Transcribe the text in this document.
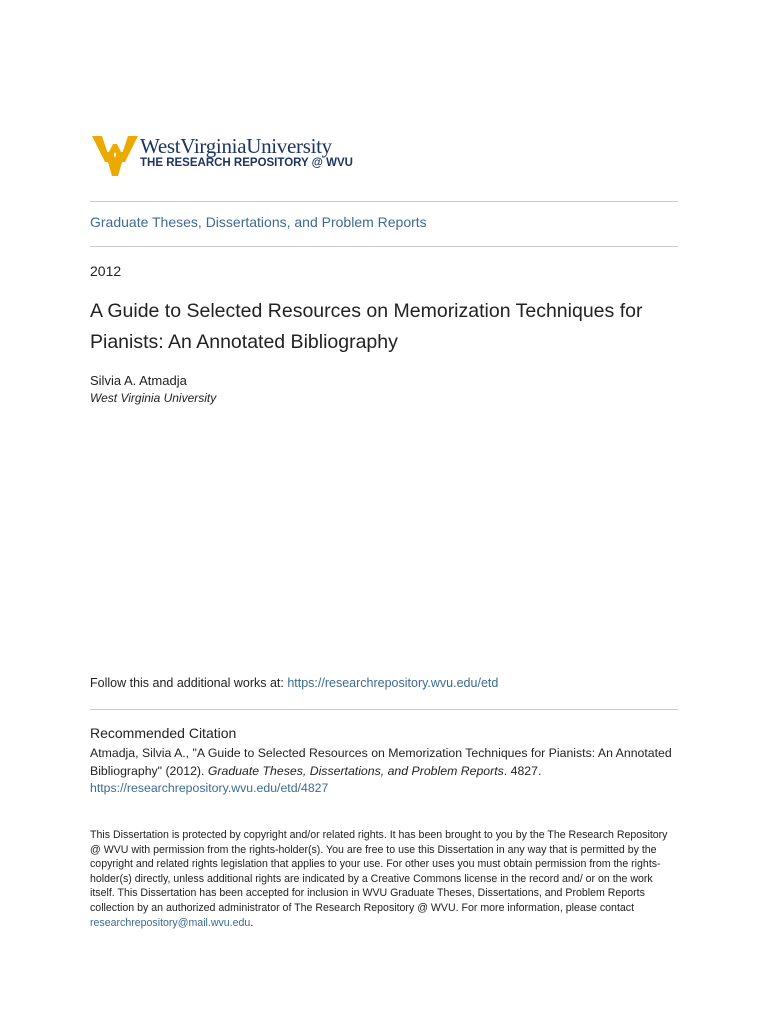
WestVirginiaUniversity
THE RESEARCH REPOSITORY @ WVU
Graduate Theses, Dissertations, and Problem Reports
2012
A Guide to Selected Resources on Memorization Techniques for Pianists: An Annotated Bibliography
Silvia A. Atmadja
West Virginia University
Follow this and additional works at: https://researchrepository.wvu.edu/etd
Recommended Citation
Atmadja, Silvia A., "A Guide to Selected Resources on Memorization Techniques for Pianists: An Annotated Bibliography" (2012). Graduate Theses, Dissertations, and Problem Reports. 4827.
https://researchrepository.wvu.edu/etd/4827
This Dissertation is protected by copyright and/or related rights. It has been brought to you by the The Research Repository @ WVU with permission from the rights-holder(s). You are free to use this Dissertation in any way that is permitted by the copyright and related rights legislation that applies to your use. For other uses you must obtain permission from the rights-holder(s) directly, unless additional rights are indicated by a Creative Commons license in the record and/ or on the work itself. This Dissertation has been accepted for inclusion in WVU Graduate Theses, Dissertations, and Problem Reports collection by an authorized administrator of The Research Repository @ WVU. For more information, please contact researchrepository@mail.wvu.edu.
